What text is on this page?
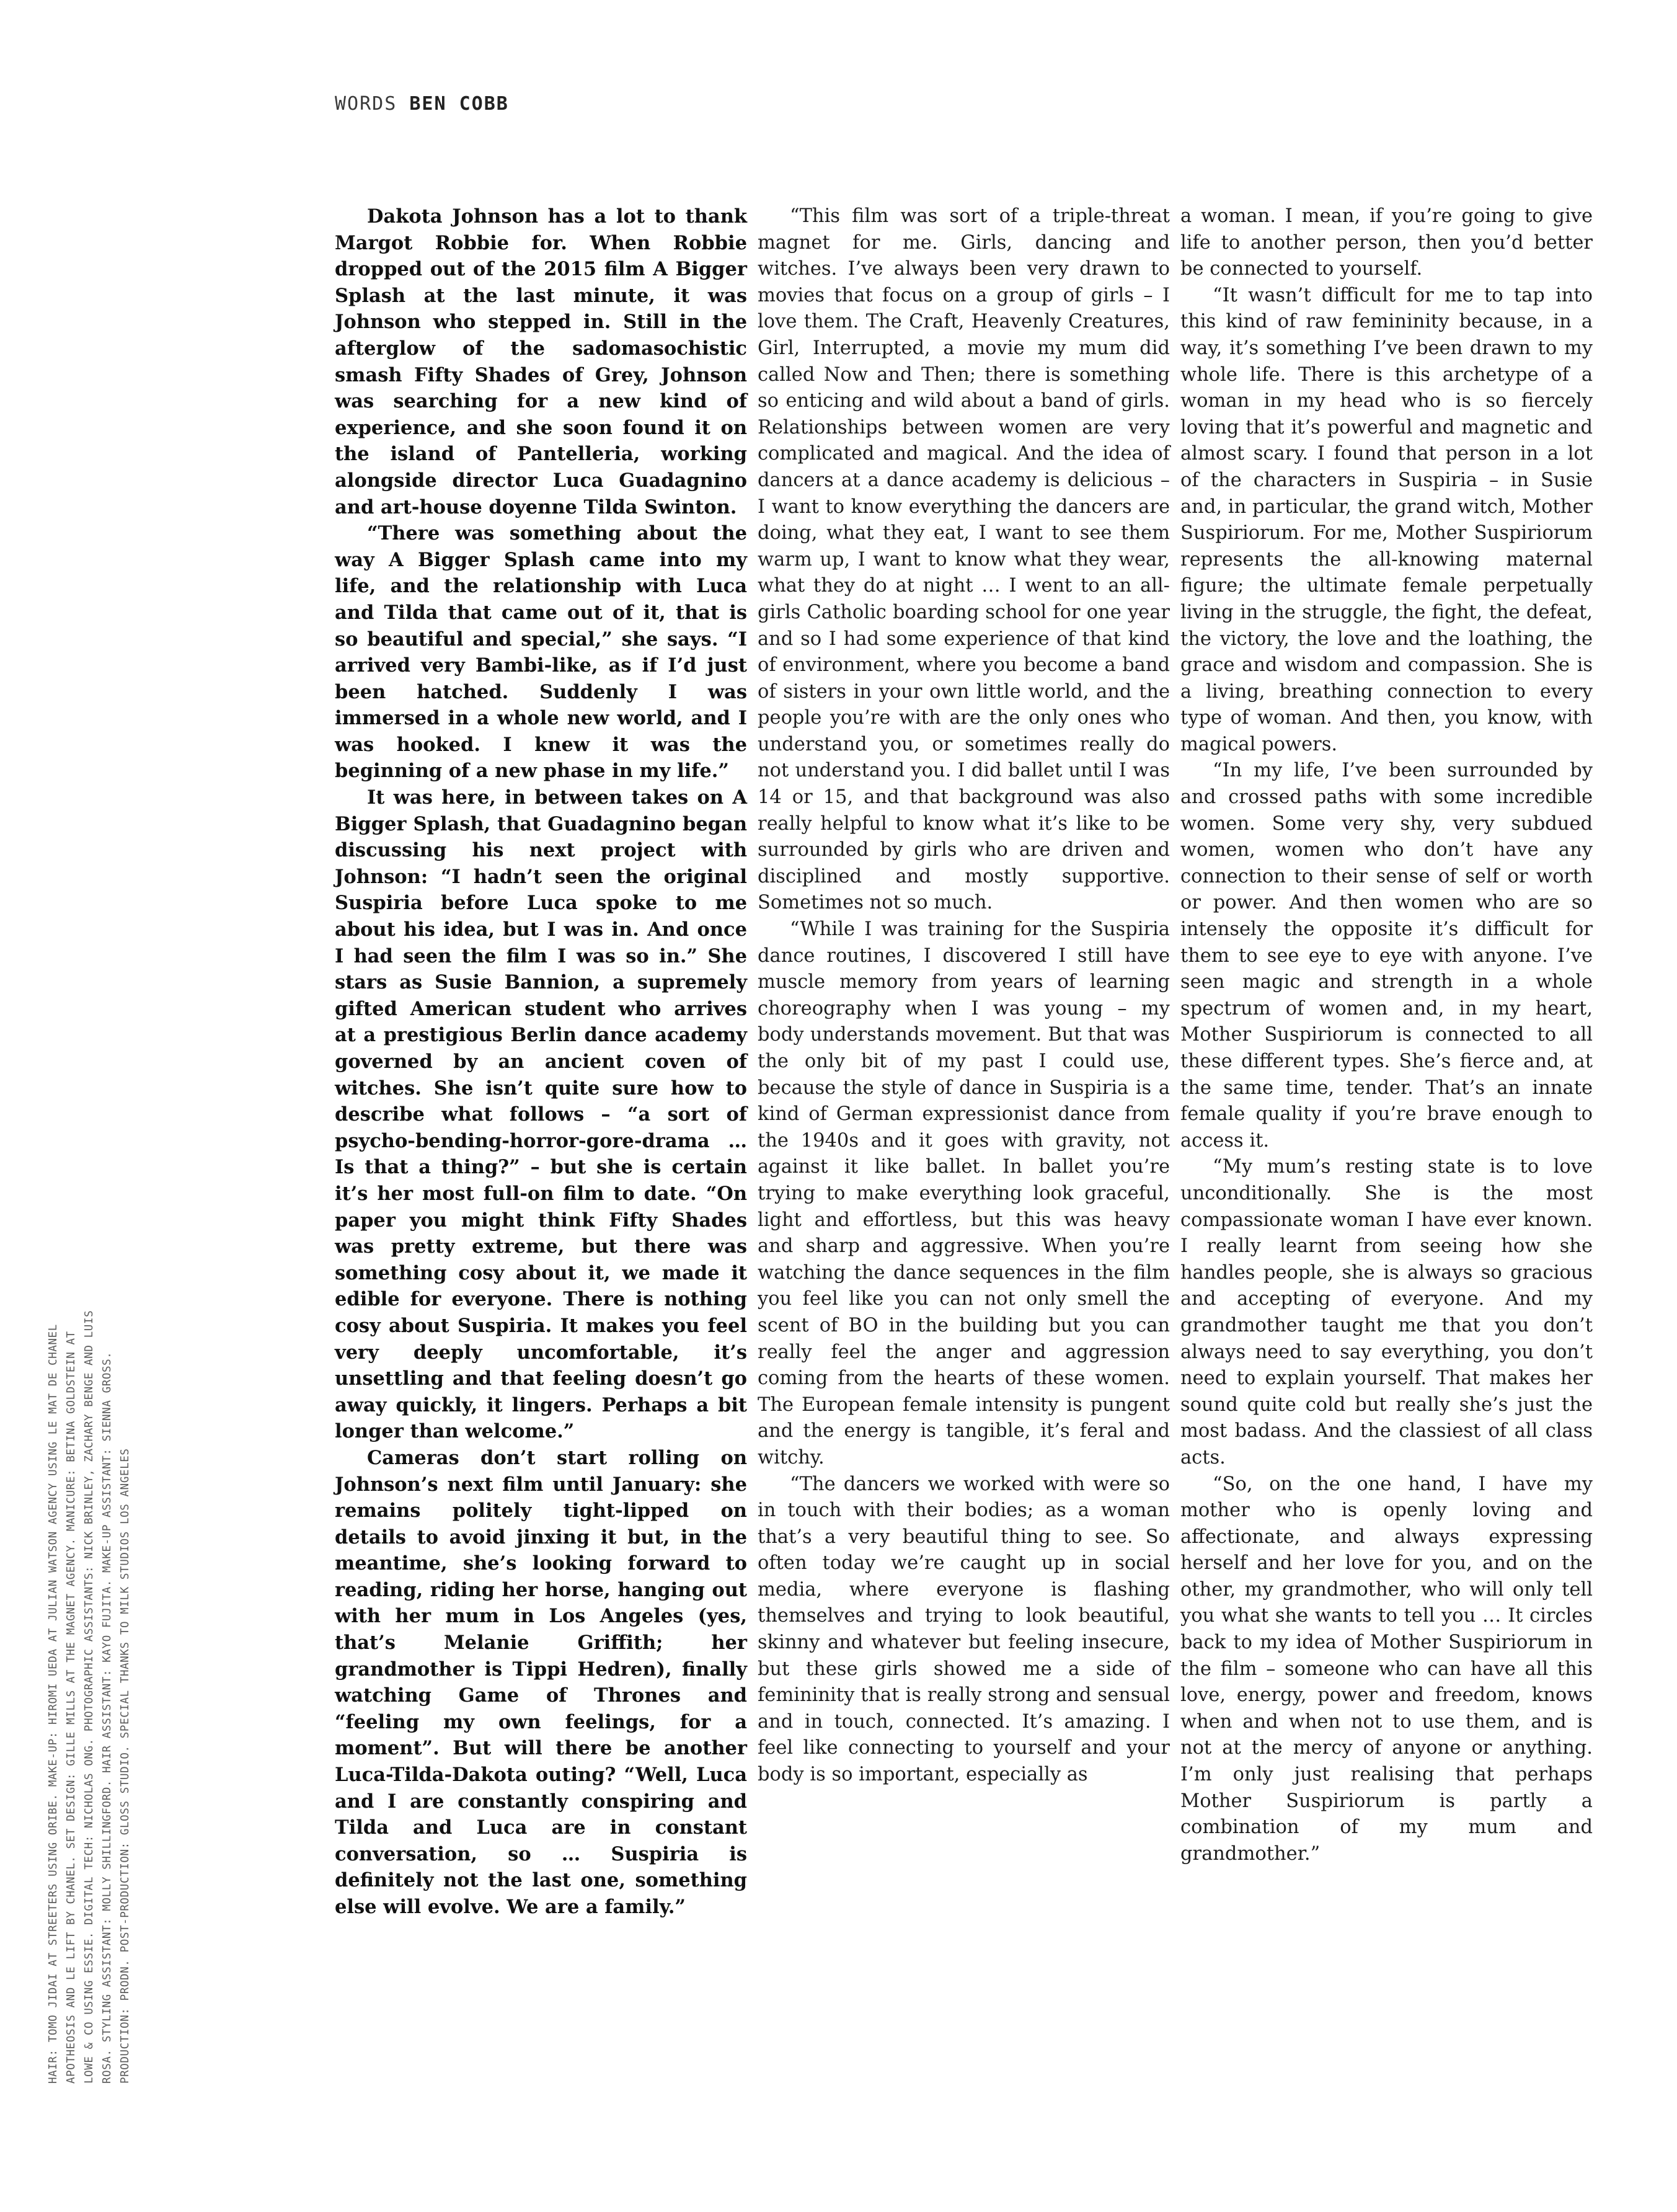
WORDS BEN COBB

Dakota Johnson has a lot to thank Margot Robbie for. When Robbie dropped out of the 2015 film A Bigger Splash at the last minute, it was Johnson who stepped in. Still in the afterglow of the sadomasochistic smash Fifty Shades of Grey, Johnson was searching for a new kind of experience, and she soon found it on the island of Pantelleria, working alongside director Luca Guadagnino and art-house doyenne Tilda Swinton.

“There was something about the way A Bigger Splash came into my life, and the relationship with Luca and Tilda that came out of it, that is so beautiful and special,” she says. “I arrived very Bambi-like, as if I’d just been hatched. Suddenly I was immersed in a whole new world, and I was hooked. I knew it was the beginning of a new phase in my life.”

It was here, in between takes on A Bigger Splash, that Guadagnino began discussing his next project with Johnson: “I hadn’t seen the original Suspiria before Luca spoke to me about his idea, but I was in. And once I had seen the film I was so in.” She stars as Susie Bannion, a supremely gifted American student who arrives at a prestigious Berlin dance academy governed by an ancient coven of witches. She isn’t quite sure how to describe what follows – “a sort of psycho-bending-horror-gore-drama … Is that a thing?” – but she is certain it’s her most full-on film to date. “On paper you might think Fifty Shades was pretty extreme, but there was something cosy about it, we made it edible for everyone. There is nothing cosy about Suspiria. It makes you feel very deeply uncomfortable, it’s unsettling and that feeling doesn’t go away quickly, it lingers. Perhaps a bit longer than welcome.”

Cameras don’t start rolling on Johnson’s next film until January: she remains politely tight-lipped on details to avoid jinxing it but, in the meantime, she’s looking forward to reading, riding her horse, hanging out with her mum in Los Angeles (yes, that’s Melanie Griffith; her grandmother is Tippi Hedren), finally watching Game of Thrones and “feeling my own feelings, for a moment”. But will there be another Luca-Tilda-Dakota outing? “Well, Luca and I are constantly conspiring and Tilda and Luca are in constant conversation, so … Suspiria is definitely not the last one, something else will evolve. We are a family.”

“This film was sort of a triple-threat magnet for me. Girls, dancing and witches. I’ve always been very drawn to movies that focus on a group of girls – I love them. The Craft, Heavenly Creatures, Girl, Interrupted, a movie my mum did called Now and Then; there is something so enticing and wild about a band of girls. Relationships between women are very complicated and magical. And the idea of dancers at a dance academy is delicious – I want to know everything the dancers are doing, what they eat, I want to see them warm up, I want to know what they wear, what they do at night … I went to an all-girls Catholic boarding school for one year and so I had some experience of that kind of environment, where you become a band of sisters in your own little world, and the people you’re with are the only ones who understand you, or sometimes really do not understand you. I did ballet until I was 14 or 15, and that background was also really helpful to know what it’s like to be surrounded by girls who are driven and disciplined and mostly supportive. Sometimes not so much.

“While I was training for the Suspiria dance routines, I discovered I still have muscle memory from years of learning choreography when I was young – my body understands movement. But that was the only bit of my past I could use, because the style of dance in Suspiria is a kind of German expressionist dance from the 1940s and it goes with gravity, not against it like ballet. In ballet you’re trying to make everything look graceful, light and effortless, but this was heavy and sharp and aggressive. When you’re watching the dance sequences in the film you feel like you can not only smell the scent of BO in the building but you can really feel the anger and aggression coming from the hearts of these women. The European female intensity is pungent and the energy is tangible, it’s feral and witchy.

“The dancers we worked with were so in touch with their bodies; as a woman that’s a very beautiful thing to see. So often today we’re caught up in social media, where everyone is flashing themselves and trying to look beautiful, skinny and whatever but feeling insecure, but these girls showed me a side of femininity that is really strong and sensual and in touch, connected. It’s amazing. I feel like connecting to yourself and your body is so important, especially as

a woman. I mean, if you’re going to give life to another person, then you’d better be connected to yourself.

“It wasn’t difficult for me to tap into this kind of raw femininity because, in a way, it’s something I’ve been drawn to my whole life. There is this archetype of a woman in my head who is so fiercely loving that it’s powerful and magnetic and almost scary. I found that person in a lot of the characters in Suspiria – in Susie and, in particular, the grand witch, Mother Suspiriorum. For me, Mother Suspiriorum represents the all-knowing maternal figure; the ultimate female perpetually living in the struggle, the fight, the defeat, the victory, the love and the loathing, the grace and wisdom and compassion. She is a living, breathing connection to every type of woman. And then, you know, with magical powers.

“In my life, I’ve been surrounded by and crossed paths with some incredible women. Some very shy, very subdued women, women who don’t have any connection to their sense of self or worth or power. And then women who are so intensely the opposite it’s difficult for them to see eye to eye with anyone. I’ve seen magic and strength in a whole spectrum of women and, in my heart, Mother Suspiriorum is connected to all these different types. She’s fierce and, at the same time, tender. That’s an innate female quality if you’re brave enough to access it.

“My mum’s resting state is to love unconditionally. She is the most compassionate woman I have ever known. I really learnt from seeing how she handles people, she is always so gracious and accepting of everyone. And my grandmother taught me that you don’t always need to say everything, you don’t need to explain yourself. That makes her sound quite cold but really she’s just the most badass. And the classiest of all class acts.

“So, on the one hand, I have my mother who is openly loving and affectionate, and always expressing herself and her love for you, and on the other, my grandmother, who will only tell you what she wants to tell you … It circles back to my idea of Mother Suspiriorum in the film – someone who can have all this love, energy, power and freedom, knows when and when not to use them, and is not at the mercy of anyone or anything. I’m only just realising that perhaps Mother Suspiriorum is partly a combination of my mum and grandmother.”

HAIR: TOMO JIDAI AT STREETERS USING ORIBE. MAKE-UP: HIROMI UEDA AT JULIAN WATSON AGENCY USING LE MAT DE CHANEL APOTHEOSIS AND LE LIFT BY CHANEL. SET DESIGN: GILLE MILLS AT THE MAGNET AGENCY. MANICURE: BETINA GOLDSTEIN AT LOWE & CO USING ESSIE. DIGITAL TECH: NICHOLAS ONG. PHOTOGRAPHIC ASSISTANTS: NICK BRINLEY, ZACHARY BENGE AND LUIS ROSA. STYLING ASSISTANT: MOLLY SHILLINGFORD. HAIR ASSISTANT: KAYO FUJITA. MAKE-UP ASSISTANT: SIENNA GROSS. PRODUCTION: PRODN. POST-PRODUCTION: GLOSS STUDIO. SPECIAL THANKS TO MILK STUDIOS LOS ANGELES
